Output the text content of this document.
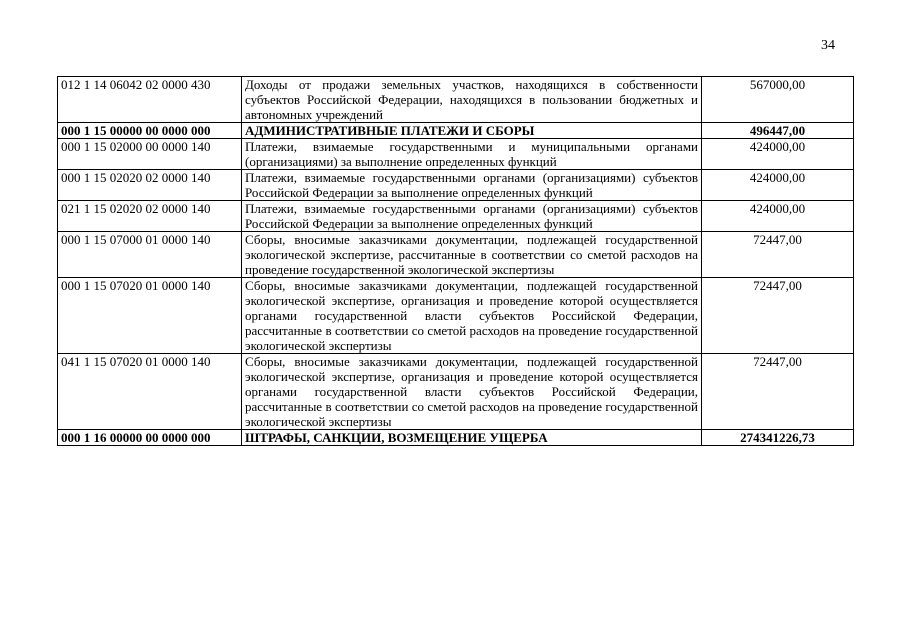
34
012 1 14 06042 02 0000 430	Доходы от продажи земельных участков, находящихся в собственности субъектов Российской Федерации, находящихся в пользовании бюджетных и автономных учреждений	567000,00
000 1 15 00000 00 0000 000	АДМИНИСТРАТИВНЫЕ ПЛАТЕЖИ И СБОРЫ	496447,00
000 1 15 02000 00 0000 140	Платежи, взимаемые государственными и муниципальными органами (организациями) за выполнение определенных функций	424000,00
000 1 15 02020 02 0000 140	Платежи, взимаемые государственными органами (организациями) субъектов Российской Федерации за выполнение определенных функций	424000,00
021 1 15 02020 02 0000 140	Платежи, взимаемые государственными органами (организациями) субъектов Российской Федерации за выполнение определенных функций	424000,00
000 1 15 07000 01 0000 140	Сборы, вносимые заказчиками документации, подлежащей государственной экологической экспертизе, рассчитанные в соответствии со сметой расходов на проведение государственной экологической экспертизы	72447,00
000 1 15 07020 01 0000 140	Сборы, вносимые заказчиками документации, подлежащей государственной экологической экспертизе, организация и проведение которой осуществляется органами государственной власти субъектов Российской Федерации, рассчитанные в соответствии со сметой расходов на проведение государственной экологической экспертизы	72447,00
041 1 15 07020 01 0000 140	Сборы, вносимые заказчиками документации, подлежащей государственной экологической экспертизе, организация и проведение которой осуществляется органами государственной власти субъектов Российской Федерации, рассчитанные в соответствии со сметой расходов на проведение государственной экологической экспертизы	72447,00
000 1 16 00000 00 0000 000	ШТРАФЫ, САНКЦИИ, ВОЗМЕЩЕНИЕ УЩЕРБА	274341226,73
